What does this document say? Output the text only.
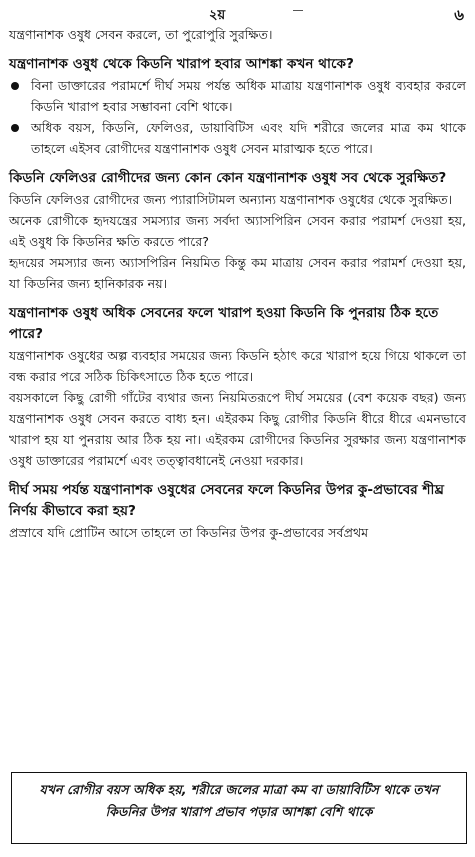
২য়	৬

যন্ত্রণানাশক ওষুধ সেবন করলে, তা পুরোপুরি সুরক্ষিত।

যন্ত্রণানাশক ওষুধ থেকে কিডনি খারাপ হবার আশঙ্কা কখন থাকে?
বিনা ডাক্তারের পরামর্শে দীর্ঘ সময় পর্যন্ত অধিক মাত্রায় যন্ত্রণানাশক ওষুধ ব্যবহার করলে কিডনি খারাপ হবার সম্ভাবনা বেশি থাকে।
অধিক বয়স, কিডনি, ফেলিওর, ডায়াবিটিস এবং যদি শরীরে জলের মাত্র কম থাকে তাহলে এইসব রোগীদের যন্ত্রণানাশক ওষুধ সেবন মারাত্মক হতে পারে।
কিডনি ফেলিওর রোগীদের জন্য কোন কোন যন্ত্রণানাশক ওষুধ সব থেকে সুরক্ষিত?

কিডনি ফেলিওর রোগীদের জন্য প্যারাসিটামল অন্যান্য যন্ত্রণানাশক ওষুধের থেকে সুরক্ষিত।

অনেক রোগীকে হৃদযন্ত্রের সমস্যার জন্য সর্বদা অ্যাসপিরিন সেবন করার পরামর্শ দেওয়া হয়, এই ওষুধ কি কিডনির ক্ষতি করতে পারে?

হৃদয়ের সমস্যার জন্য অ্যাসপিরিন নিয়মিত কিন্তু কম মাত্রায় সেবন করার পরামর্শ দেওয়া হয়, যা কিডনির জন্য হানিকারক নয়।

যন্ত্রণানাশক ওষুধ অধিক সেবনের ফলে খারাপ হওয়া কিডনি কি পুনরায় ঠিক হতে পারে?

যন্ত্রণানাশক ওষুধের অল্প ব্যবহার সময়ের জন্য কিডনি হঠাৎ করে খারাপ হয়ে গিয়ে থাকলে তা বন্ধ করার পরে সঠিক চিকিৎসাতে ঠিক হতে পারে।

বয়সকালে কিছু রোগী গাঁটের ব্যথার জন্য নিয়মিতরূপে দীর্ঘ সময়ের (বেশ কয়েক বছর) জন্য যন্ত্রণানাশক ওষুধ সেবন করতে বাধ্য হন। এইরকম কিছু রোগীর কিডনি ধীরে ধীরে এমনভাবে খারাপ হয় যা পুনরায় আর ঠিক হয় না। এইরকম রোগীদের কিডনির সুরক্ষার জন্য যন্ত্রণানাশক ওষুধ ডাক্তারের পরামর্শে এবং তত্ত্বাবধানেই নেওয়া দরকার।

দীর্ঘ সময় পর্যন্ত যন্ত্রণানাশক ওষুধের সেবনের ফলে কিডনির উপর কু-প্রভাবের শীঘ্র নির্ণয় কীভাবে করা হয়?

প্রস্রাবে যদি প্রোটিন আসে তাহলে তা কিডনির উপর কু-প্রভাবের সর্বপ্রথম

যখন রোগীর বয়স অধিক হয়, শরীরে জলের মাত্রা কম বা ডায়াবিটিস থাকে তখন কিডনির উপর খারাপ প্রভাব পড়ার আশঙ্কা বেশি থাকে
